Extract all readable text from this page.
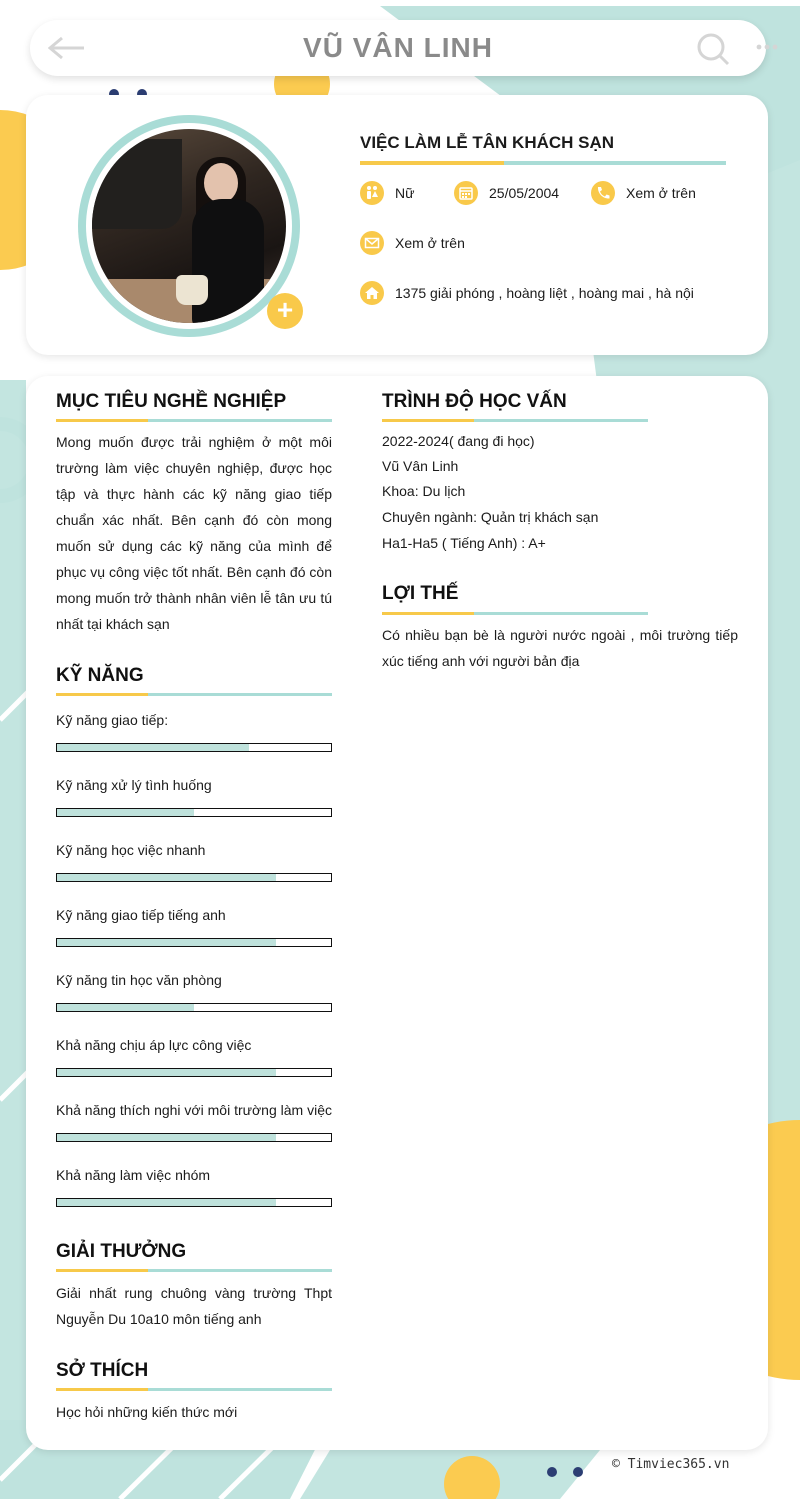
VŨ VÂN LINH
+
VIỆC LÀM LỄ TÂN KHÁCH SẠN
Nữ	25/05/2004	Xem ở trên
Xem ở trên
1375 giải phóng , hoàng liệt , hoàng mai , hà nội
MỤC TIÊU NGHỀ NGHIỆP
Mong muốn được trải nghiệm ở một môi trường làm việc chuyên nghiệp, được học tập và thực hành các kỹ năng giao tiếp chuẩn xác nhất. Bên cạnh đó còn mong muốn sử dụng các kỹ năng của mình để phục vụ công việc tốt nhất. Bên cạnh đó còn mong muốn trở thành nhân viên lễ tân ưu tú nhất tại khách sạn
KỸ NĂNG
Kỹ năng giao tiếp:
Kỹ năng xử lý tình huống
Kỹ năng học việc nhanh
Kỹ năng giao tiếp tiếng anh
Kỹ năng tin học văn phòng
Khả năng chịu áp lực công việc
Khả năng thích nghi với môi trường làm việc
Khả năng làm việc nhóm
GIẢI THƯỞNG
Giải nhất rung chuông vàng trường Thpt Nguyễn Du 10a10 môn tiếng anh
SỞ THÍCH
Học hỏi những kiến thức mới
TRÌNH ĐỘ HỌC VẤN
2022-2024( đang đi học)
Vũ Vân Linh
Khoa: Du lịch
Chuyên ngành: Quản trị khách sạn
Ha1-Ha5 ( Tiếng Anh) : A+
LỢI THẾ
Có nhiều bạn bè là người nước ngoài , môi trường tiếp xúc tiếng anh với người bản địa
© Timviec365.vn
